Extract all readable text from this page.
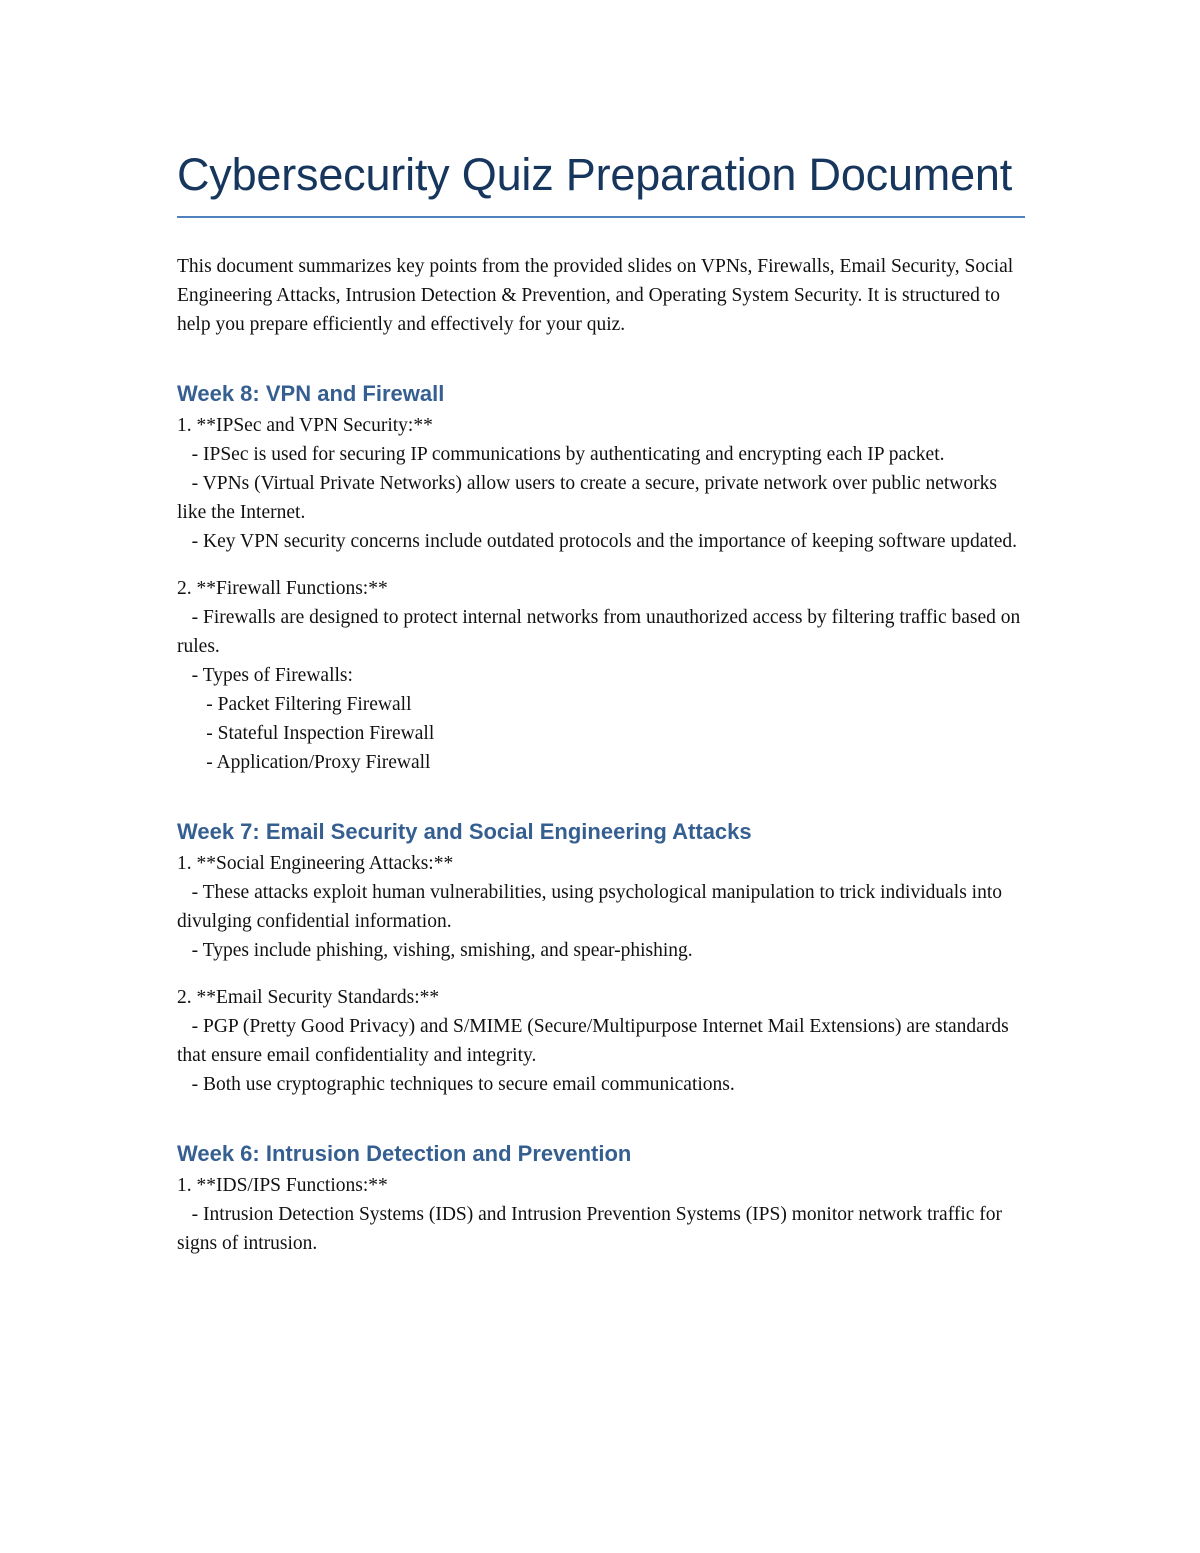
Cybersecurity Quiz Preparation Document

This document summarizes key points from the provided slides on VPNs, Firewalls, Email Security, Social Engineering Attacks, Intrusion Detection & Prevention, and Operating System Security. It is structured to help you prepare efficiently and effectively for your quiz.

Week 8: VPN and Firewall

1. **IPSec and VPN Security:**

- IPSec is used for securing IP communications by authenticating and encrypting each IP packet.

- VPNs (Virtual Private Networks) allow users to create a secure, private network over public networks like the Internet.

- Key VPN security concerns include outdated protocols and the importance of keeping software updated.

2. **Firewall Functions:**

- Firewalls are designed to protect internal networks from unauthorized access by filtering traffic based on rules.

- Types of Firewalls:

- Packet Filtering Firewall

- Stateful Inspection Firewall

- Application/Proxy Firewall

Week 7: Email Security and Social Engineering Attacks

1. **Social Engineering Attacks:**

- These attacks exploit human vulnerabilities, using psychological manipulation to trick individuals into divulging confidential information.

- Types include phishing, vishing, smishing, and spear-phishing.

2. **Email Security Standards:**

- PGP (Pretty Good Privacy) and S/MIME (Secure/Multipurpose Internet Mail Extensions) are standards that ensure email confidentiality and integrity.

- Both use cryptographic techniques to secure email communications.

Week 6: Intrusion Detection and Prevention

1. **IDS/IPS Functions:**

- Intrusion Detection Systems (IDS) and Intrusion Prevention Systems (IPS) monitor network traffic for signs of intrusion.
